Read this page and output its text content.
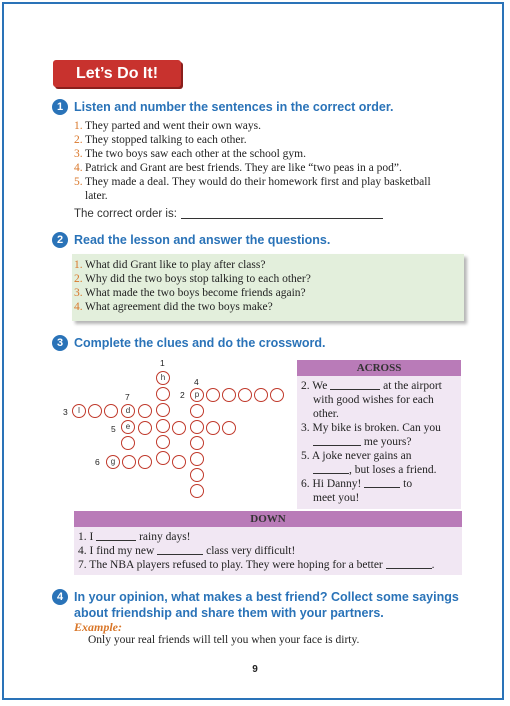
Let’s Do It!
1 Listen and number the sentences in the correct order.
1. They parted and went their own ways.
2. They stopped talking to each other.
3. The two boys saw each other at the school gym.
4. Patrick and Grant are best friends. They are like “two peas in a pod”.
5. They made a deal. They would do their homework first and play basketball
later.
The correct order is:
2 Read the lesson and answer the questions.
1. What did Grant like to play after class?
2. Why did the two boys stop talking to each other?
3. What made the two boys become friends again?
4. What agreement did the two boys make?
3 Complete the clues and do the crossword.
1
2
3
4
5
6
7
h
p
l	d
e
g
ACROSS
2. We	at the airport
with good wishes for each
other.
3. My bike is broken. Can you
me yours?
5. A joke never gains an
, but loses a friend.
6. Hi Danny!	to
meet you!
DOWN
1. I	rainy days!
4. I find my new	class very difficult!
7. The NBA players refused to play. They were hoping for a better	.
4 In your opinion, what makes a best friend? Collect some sayings
about friendship and share them with your partners.
Example:
Only your real friends will tell you when your face is dirty.
9
